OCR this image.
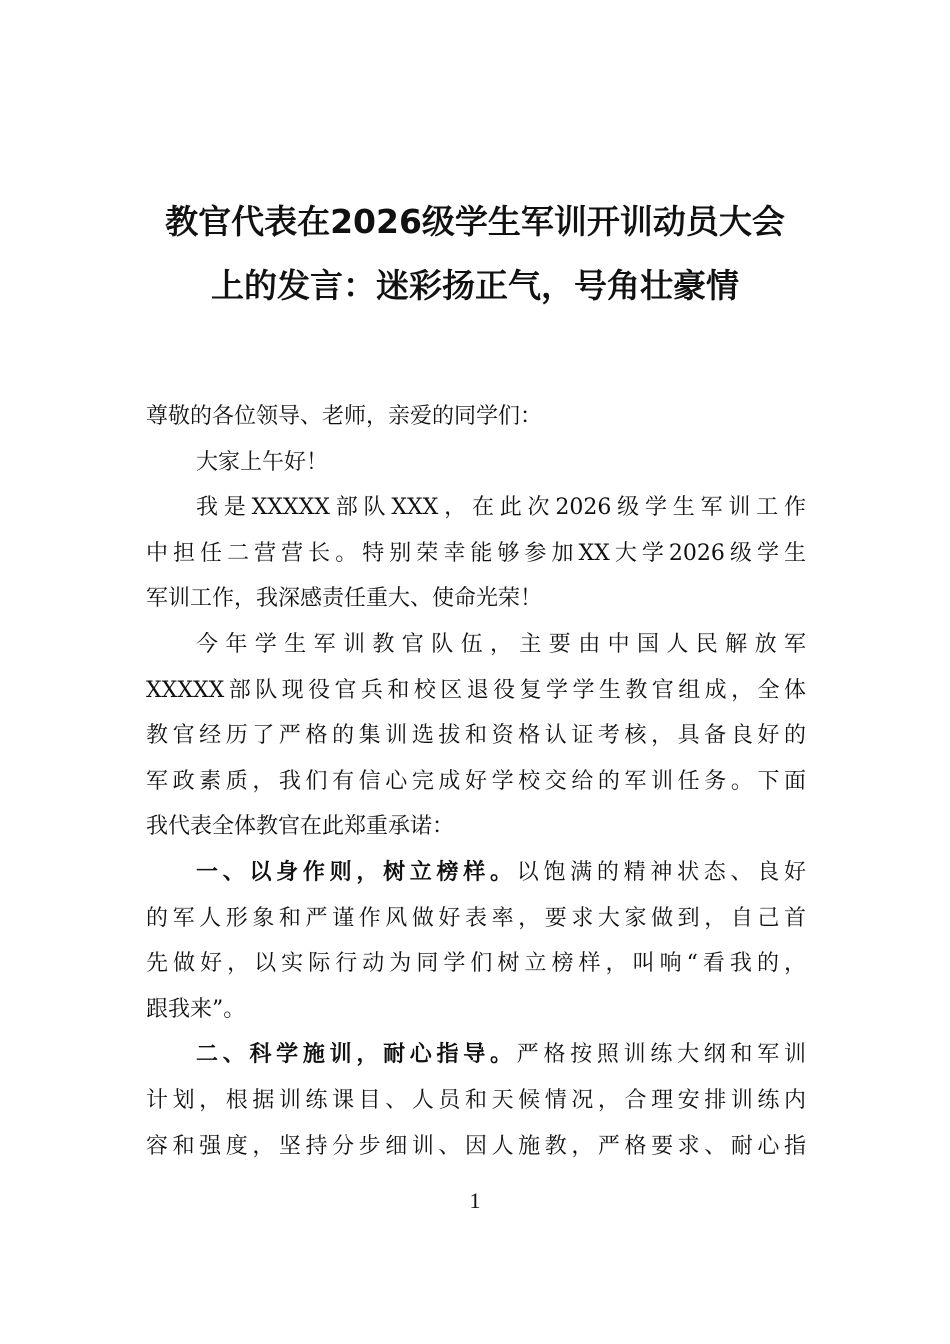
教官代表在2026级学生军训开训动员大会
上的发言：迷彩扬正气，号角壮豪情
尊敬的各位领导、老师，亲爱的同学们：
大家上午好！
我是XXXXX部队XXX，在此次2026级学生军训工作
中担任二营营长。特别荣幸能够参加XX大学2026级学生
军训工作，我深感责任重大、使命光荣！
今年学生军训教官队伍，主要由中国人民解放军
XXXXX部队现役官兵和校区退役复学学生教官组成，全体
教官经历了严格的集训选拔和资格认证考核，具备良好的
军政素质，我们有信心完成好学校交给的军训任务。下面
我代表全体教官在此郑重承诺：
一、以身作则，树立榜样。以饱满的精神状态、良好
的军人形象和严谨作风做好表率，要求大家做到，自己首
先做好，以实际行动为同学们树立榜样，叫响“看我的，
跟我来”。
二、科学施训，耐心指导。严格按照训练大纲和军训
计划，根据训练课目、人员和天候情况，合理安排训练内
容和强度，坚持分步细训、因人施教，严格要求、耐心指
1
